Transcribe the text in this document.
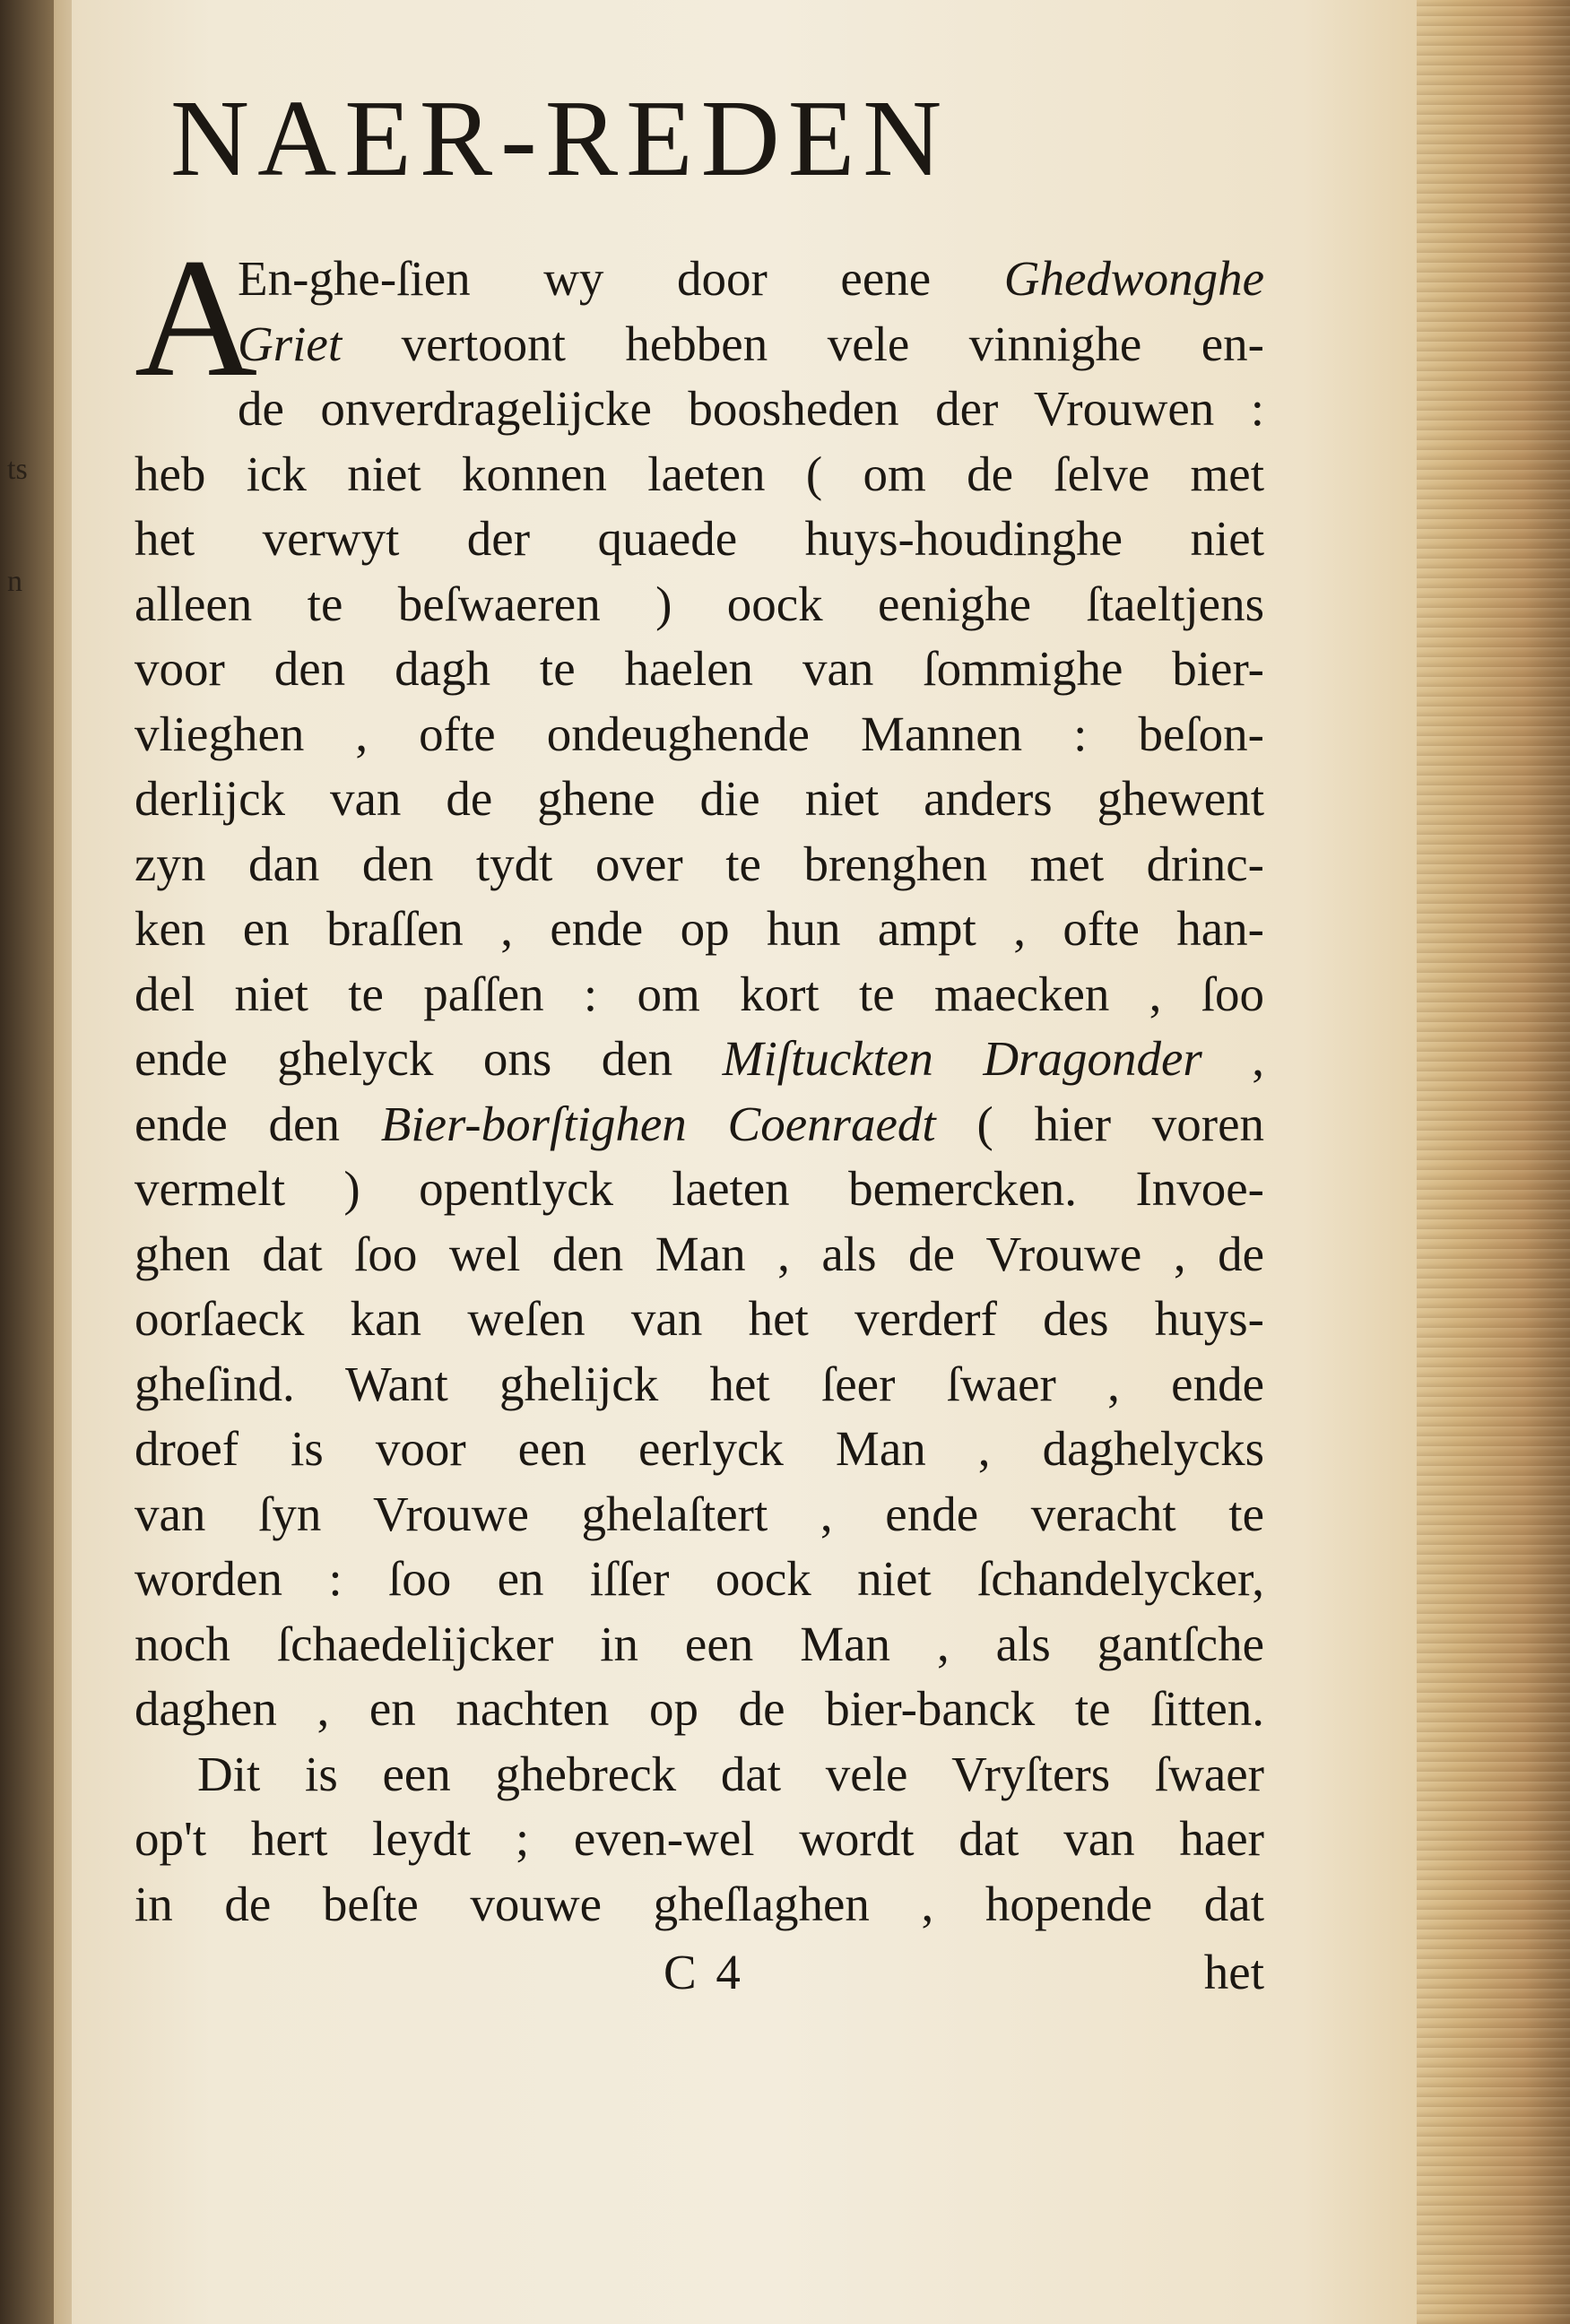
ts
n
NAER-REDEN
A
En-ghe-ſien wy door eene Ghedwonghe
Griet vertoont hebben vele vinnighe en-
de onverdragelijcke boosheden der Vrouwen :
heb ick niet konnen laeten ( om de ſelve met
het verwyt der quaede huys-houdinghe niet
alleen te beſwaeren ) oock eenighe ſtaeltjens
voor den dagh te haelen van ſommighe bier-
vlieghen , ofte ondeughende Mannen : beſon-
derlijck van de ghene die niet anders ghewent
zyn dan den tydt over te brenghen met drinc-
ken en braſſen , ende op hun ampt , ofte han-
del niet te paſſen : om kort te maecken , ſoo
ende ghelyck ons den Miſtuckten Dragonder ,
ende den Bier-borſtighen Coenraedt ( hier voren
vermelt ) opentlyck laeten bemercken. Invoe-
ghen dat ſoo wel den Man , als de Vrouwe , de
oorſaeck kan weſen van het verderf des huys-
gheſind. Want ghelijck het ſeer ſwaer , ende
droef is voor een eerlyck Man , daghelycks
van ſyn Vrouwe ghelaſtert , ende veracht te
worden : ſoo en iſſer oock niet ſchandelycker,
noch ſchaedelijcker in een Man , als gantſche
daghen , en nachten op de bier-banck te ſitten.
Dit is een ghebreck dat vele Vryſters ſwaer
op't hert leydt ; even-wel wordt dat van haer
in de beſte vouwe gheſlaghen , hopende dat
C 4	het
